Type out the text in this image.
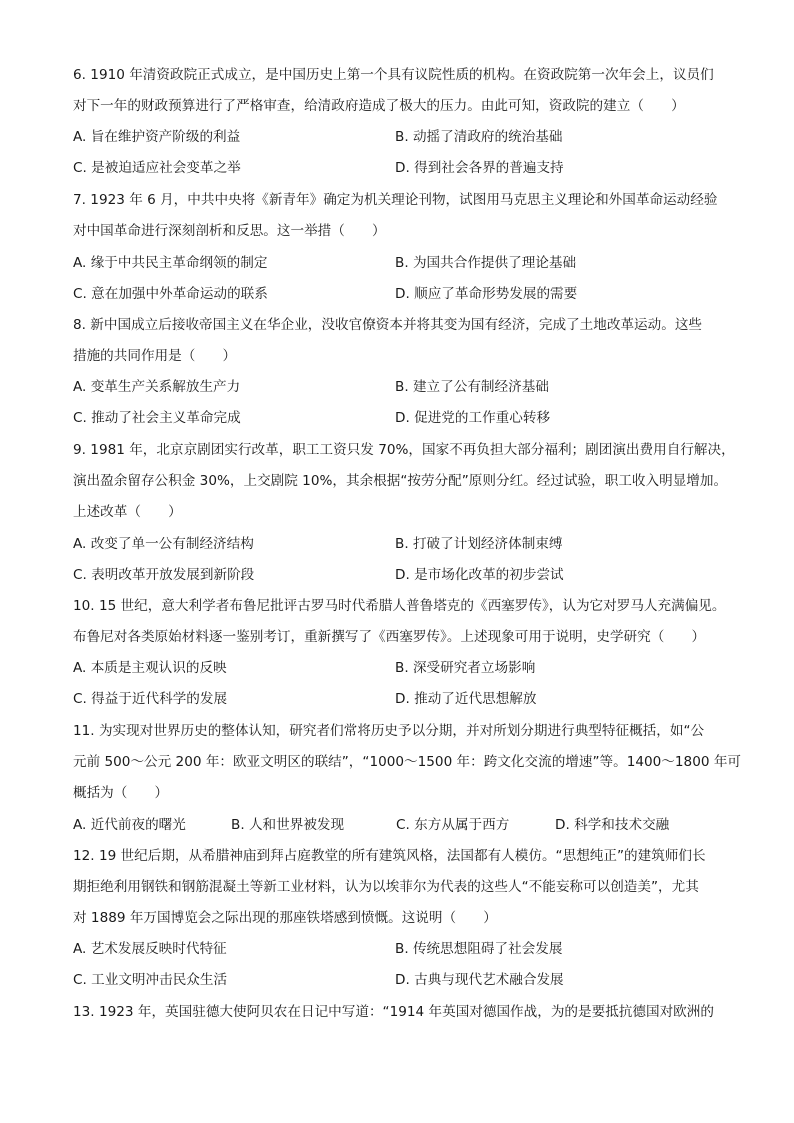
6. 1910 年清资政院正式成立，是中国历史上第一个具有议院性质的机构。在资政院第一次年会上，议员们

对下一年的财政预算进行了严格审查，给清政府造成了极大的压力。由此可知，资政院的建立（　　）

A. 旨在维护资产阶级的利益	B. 动摇了清政府的统治基础
C. 是被迫适应社会变革之举	D. 得到社会各界的普遍支持

7. 1923 年 6 月，中共中央将《新青年》确定为机关理论刊物，试图用马克思主义理论和外国革命运动经验

对中国革命进行深刻剖析和反思。这一举措（　　）

A. 缘于中共民主革命纲领的制定	B. 为国共合作提供了理论基础
C. 意在加强中外革命运动的联系	D. 顺应了革命形势发展的需要

8. 新中国成立后接收帝国主义在华企业，没收官僚资本并将其变为国有经济，完成了土地改革运动。这些

措施的共同作用是（　　）

A. 变革生产关系解放生产力	B. 建立了公有制经济基础
C. 推动了社会主义革命完成	D. 促进党的工作重心转移

9. 1981 年，北京京剧团实行改革，职工工资只发 70%，国家不再负担大部分福利；剧团演出费用自行解决，

演出盈余留存公积金 30%，上交剧院 10%，其余根据“按劳分配”原则分红。经过试验，职工收入明显增加。

上述改革（　　）

A. 改变了单一公有制经济结构	B. 打破了计划经济体制束缚
C. 表明改革开放发展到新阶段	D. 是市场化改革的初步尝试

10. 15 世纪，意大利学者布鲁尼批评古罗马时代希腊人普鲁塔克的《西塞罗传》，认为它对罗马人充满偏见。

布鲁尼对各类原始材料逐一鉴别考订，重新撰写了《西塞罗传》。上述现象可用于说明，史学研究（　　）

A. 本质是主观认识的反映	B. 深受研究者立场影响
C. 得益于近代科学的发展	D. 推动了近代思想解放

11. 为实现对世界历史的整体认知，研究者们常将历史予以分期，并对所划分期进行典型特征概括，如“公

元前 500～公元 200 年：欧亚文明区的联结”，“1000～1500 年：跨文化交流的增速”等。1400～1800 年可

概括为（　　）

A. 近代前夜的曙光	B. 人和世界被发现	C. 东方从属于西方	D. 科学和技术交融

12. 19 世纪后期，从希腊神庙到拜占庭教堂的所有建筑风格，法国都有人模仿。“思想纯正”的建筑师们长

期拒绝利用钢铁和钢筋混凝土等新工业材料，认为以埃菲尔为代表的这些人“不能妄称可以创造美”，尤其

对 1889 年万国博览会之际出现的那座铁塔感到愤慨。这说明（　　）

A. 艺术发展反映时代特征	B. 传统思想阻碍了社会发展
C. 工业文明冲击民众生活	D. 古典与现代艺术融合发展

13. 1923 年，英国驻德大使阿贝农在日记中写道：“1914 年英国对德国作战，为的是要抵抗德国对欧洲的
